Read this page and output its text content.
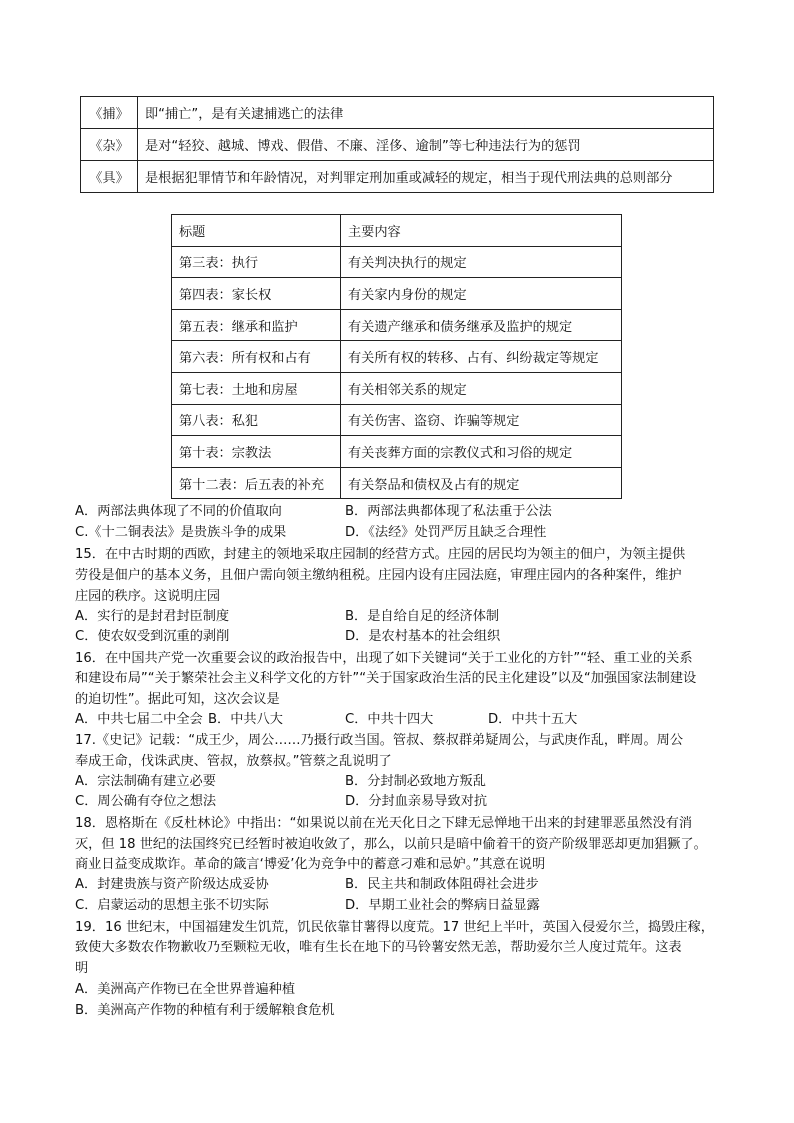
《捕》	即“捕亡”，是有关逮捕逃亡的法律
《杂》	是对“轻狡、越城、博戏、假借、不廉、淫侈、逾制”等七种违法行为的惩罚
《具》	是根据犯罪情节和年龄情况，对判罪定刑加重或减轻的规定，相当于现代刑法典的总则部分
标题	主要内容
第三表：执行	有关判决执行的规定
第四表：家长权	有关家内身份的规定
第五表：继承和监护	有关遗产继承和债务继承及监护的规定
第六表：所有权和占有	有关所有权的转移、占有、纠纷裁定等规定
第七表：土地和房屋	有关相邻关系的规定
第八表：私犯	有关伤害、盗窃、诈骗等规定
第十表：宗教法	有关丧葬方面的宗教仪式和习俗的规定
第十二表：后五表的补充	有关祭品和债权及占有的规定
A．两部法典体现了不同的价值取向	B．两部法典都体现了私法重于公法
C.《十二铜表法》是贵族斗争的成果	D．《法经》处罚严厉且缺乏合理性
15．在中古时期的西欧，封建主的领地采取庄园制的经营方式。庄园的居民均为领主的佃户，为领主提供
劳役是佃户的基本义务，且佃户需向领主缴纳租税。庄园内设有庄园法庭，审理庄园内的各种案件，维护
庄园的秩序。这说明庄园
A．实行的是封君封臣制度	B．是自给自足的经济体制
C．使农奴受到沉重的剥削	D．是农村基本的社会组织
16．在中国共产党一次重要会议的政治报告中，出现了如下关键词“关于工业化的方针”“轻、重工业的关系
和建设布局”“关于繁荣社会主义科学文化的方针”“关于国家政治生活的民主化建设”以及“加强国家法制建设
的迫切性”。据此可知，这次会议是
A．中共七届二中全会 B．中共八大	C．中共十四大	D．中共十五大
17.《史记》记载：“成王少，周公……乃摄行政当国。管叔、蔡叔群弟疑周公，与武庚作乱，畔周。周公
奉成王命，伐诛武庚、管叔，放蔡叔。”管蔡之乱说明了
A．宗法制确有建立必要	B．分封制必致地方叛乱
C．周公确有夺位之想法	D．分封血亲易导致对抗
18．恩格斯在《反杜林论》中指出：“如果说以前在光天化日之下肆无忌惮地干出来的封建罪恶虽然没有消
灭，但 18 世纪的法国终究已经暂时被迫收敛了，那么，以前只是暗中偷着干的资产阶级罪恶却更加猖獗了。
商业日益变成欺诈。革命的箴言‘博爱’化为竞争中的蓄意刁难和忌妒。”其意在说明
A．封建贵族与资产阶级达成妥协	B．民主共和制政体阻碍社会进步
C．启蒙运动的思想主张不切实际	D．早期工业社会的弊病日益显露
19．16 世纪末，中国福建发生饥荒，饥民依靠甘薯得以度荒。17 世纪上半叶，英国入侵爱尔兰，捣毁庄稼，
致使大多数农作物歉收乃至颗粒无收，唯有生长在地下的马铃薯安然无恙，帮助爱尔兰人度过荒年。这表
明
A．美洲高产作物已在全世界普遍种植
B．美洲高产作物的种植有利于缓解粮食危机
